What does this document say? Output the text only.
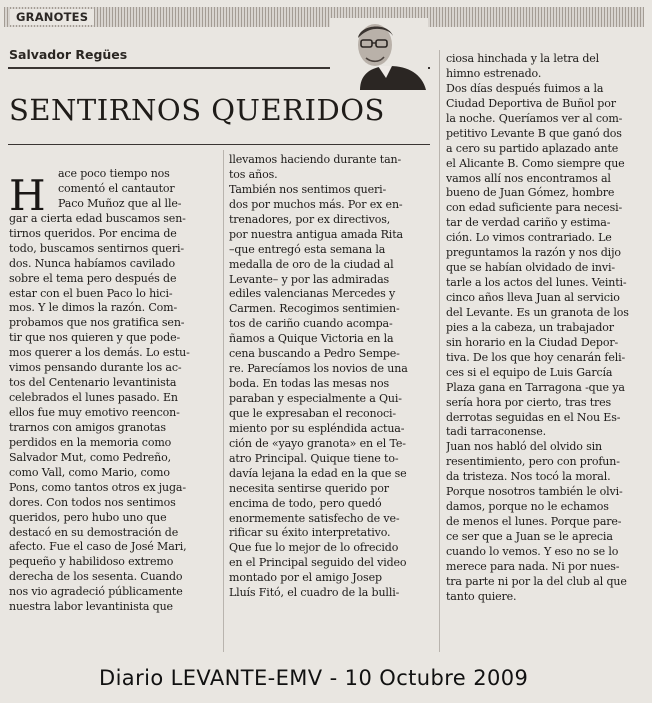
GRANOTES
Salvador Regües
SENTIRNOS QUERIDOS
H	ace poco tiempo nos
comentó el cantautor
Paco Muñoz que al lle-
gar a cierta edad buscamos sen-
tirnos queridos. Por encima de
todo, buscamos sentirnos queri-
dos. Nunca habíamos cavilado
sobre el tema pero después de
estar con el buen Paco lo hici-
mos. Y le dimos la razón. Com-
probamos que nos gratifica sen-
tir que nos quieren y que pode-
mos querer a los demás. Lo estu-
vimos pensando durante los ac-
tos del Centenario levantinista
celebrados el lunes pasado. En
ellos fue muy emotivo reencon-
trarnos con amigos granotas
perdidos en la memoria como
Salvador Mut, como Pedreño,
como Vall, como Mario, como
Pons, como tantos otros ex juga-
dores. Con todos nos sentimos
queridos, pero hubo uno que
destacó en su demostración de
afecto. Fue el caso de José Mari,
pequeño y habilidoso extremo
derecha de los sesenta. Cuando
nos vio agradeció públicamente
nuestra labor levantinista que
llevamos haciendo durante tan-
tos años.
También nos sentimos queri-
dos por muchos más. Por ex en-
trenadores, por ex directivos,
por nuestra antigua amada Rita
–que entregó esta semana la
medalla de oro de la ciudad al
Levante– y por las admiradas
ediles valencianas Mercedes y
Carmen. Recogimos sentimien-
tos de cariño cuando acompa-
ñamos a Quique Victoria en la
cena buscando a Pedro Sempe-
re. Parecíamos los novios de una
boda. En todas las mesas nos
paraban y especialmente a Qui-
que le expresaban el reconoci-
miento por su espléndida actua-
ción de «yayo granota» en el Te-
atro Principal. Quique tiene to-
davía lejana la edad en la que se
necesita sentirse querido por
encima de todo, pero quedó
enormemente satisfecho de ve-
rificar su éxito interpretativo.
Que fue lo mejor de lo ofrecido
en el Principal seguido del video
montado por el amigo Josep
Lluís Fitó, el cuadro de la bulli-
ciosa hinchada y la letra del
himno estrenado.
Dos días después fuimos a la
Ciudad Deportiva de Buñol por
la noche. Queríamos ver al com-
petitivo Levante B que ganó dos
a cero su partido aplazado ante
el Alicante B. Como siempre que
vamos allí nos encontramos al
bueno de Juan Gómez, hombre
con edad suficiente para necesi-
tar de verdad cariño y estima-
ción. Lo vimos contrariado. Le
preguntamos la razón y nos dijo
que se habían olvidado de invi-
tarle a los actos del lunes. Veinti-
cinco años lleva Juan al servicio
del Levante. Es un granota de los
pies a la cabeza, un trabajador
sin horario en la Ciudad Depor-
tiva. De los que hoy cenarán feli-
ces si el equipo de Luis García
Plaza gana en Tarragona -que ya
sería hora por cierto, tras tres
derrotas seguidas en el Nou Es-
tadi tarraconense.
Juan nos habló del olvido sin
resentimiento, pero con profun-
da tristeza. Nos tocó la moral.
Porque nosotros también le olvi-
damos, porque no le echamos
de menos el lunes. Porque pare-
ce ser que a Juan se le aprecia
cuando lo vemos. Y eso no se lo
merece para nada. Ni por nues-
tra parte ni por la del club al que
tanto quiere.
Diario LEVANTE-EMV - 10 Octubre 2009
